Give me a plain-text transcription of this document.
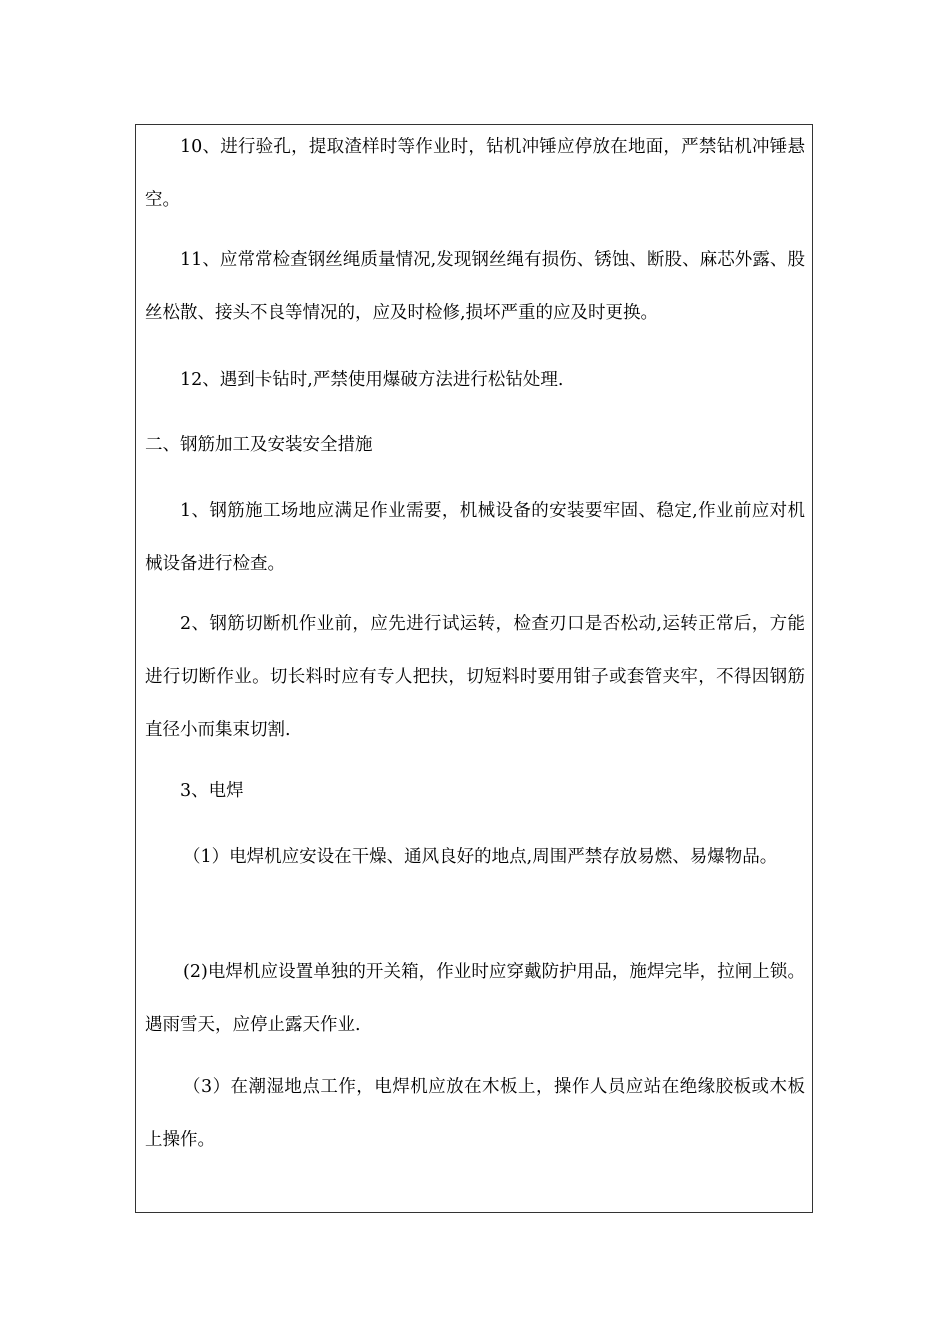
10、进行验孔，提取渣样时等作业时，钻机冲锤应停放在地面，严禁钻机冲锤悬空。

11、应常常检查钢丝绳质量情况,发现钢丝绳有损伤、锈蚀、断股、麻芯外露、股丝松散、接头不良等情况的，应及时检修,损坏严重的应及时更换。

12、遇到卡钻时,严禁使用爆破方法进行松钻处理.

二、钢筋加工及安装安全措施

1、钢筋施工场地应满足作业需要，机械设备的安装要牢固、稳定,作业前应对机械设备进行检查。

2、钢筋切断机作业前，应先进行试运转，检查刃口是否松动,运转正常后，方能进行切断作业。切长料时应有专人把扶，切短料时要用钳子或套管夹牢，不得因钢筋直径小而集束切割.

3、电焊

（1）电焊机应安设在干燥、通风良好的地点,周围严禁存放易燃、易爆物品。

(2)电焊机应设置单独的开关箱，作业时应穿戴防护用品，施焊完毕，拉闸上锁。遇雨雪天，应停止露天作业.

（3）在潮湿地点工作，电焊机应放在木板上，操作人员应站在绝缘胶板或木板上操作。
